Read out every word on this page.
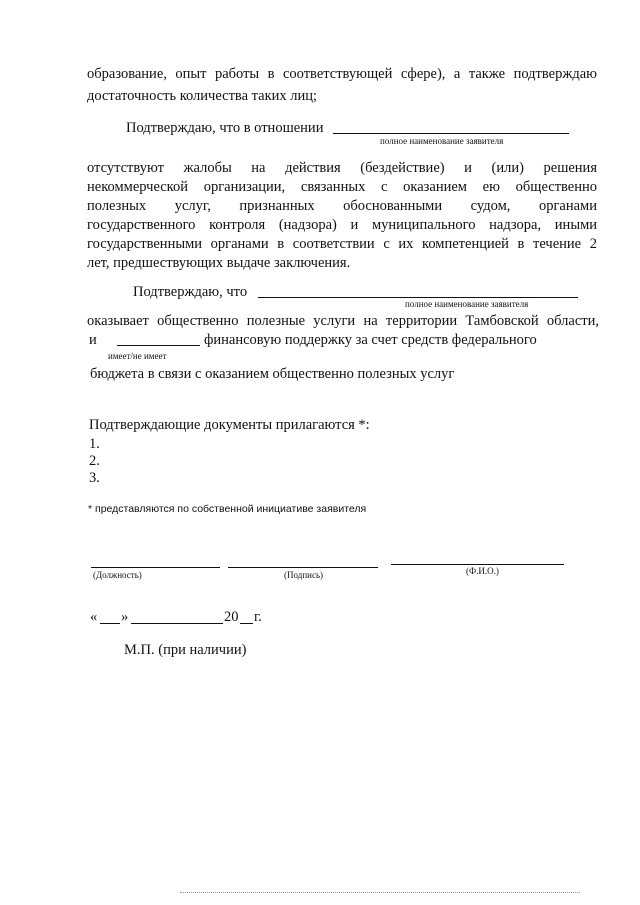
образование, опыт работы в соответствующей сфере), а также подтверждаю
достаточность количества таких лиц;
Подтверждаю, что в отношении
полное наименование заявителя
отсутствуют жалобы на действия (бездействие) и (или) решения
некоммерческой организации, связанных с оказанием ею общественно
полезных услуг, признанных обоснованными судом, органами
государственного контроля (надзора) и муниципального надзора, иными
государственными органами в соответствии с их компетенцией в течение 2
лет, предшествующих выдаче заключения.
Подтверждаю, что
полное наименование заявителя
оказывает общественно полезные услуги на территории Тамбовской области,
и	финансовую поддержку за счет средств федерального
имеет/не имеет
бюджета в связи с оказанием общественно полезных услуг
Подтверждающие документы прилагаются *:
1.
2.
3.
* представляются по собственной инициативе заявителя
(Должность)	(Подпись)	(Ф.И.О.)
« »	20 г.
М.П. (при наличии)
